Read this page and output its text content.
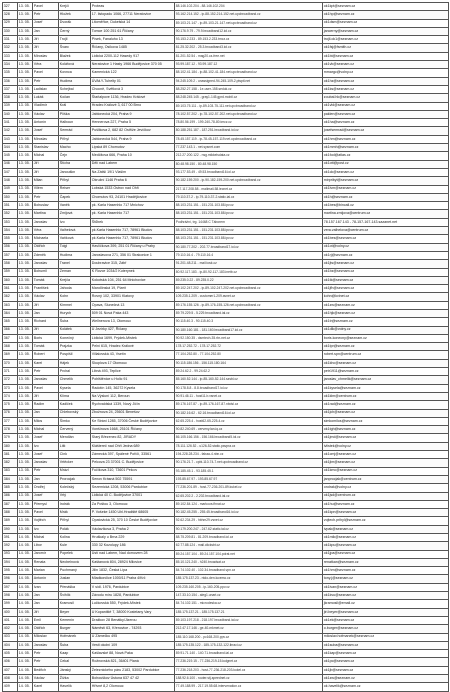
327	13. 05.	Pavel	Krejčí	Proteas	88.146.102.204 - 88.146.102.204	ok1kpt@seznam.cz	
328	13. 05.	Petr	Hložek	17. listopadu 1066, 27711 Neratovice	93.162.214.152 - ip-88-152-214-152.net.upcbroadband.cz	ok1hp@seznam.cz	
329	13. 05.	Josef	Dvorák	Litoměřice, Dukelská 14	89.103.21.147 - ip-89-103-21-147.net.upcbroadband.cz	ok1dsm@seznam.cz	
330	13. 05.	Jan	Černý	Tomce 100 251 61 Říčany	90.176.9.79 - 79.9.broadband12.iol.cz	jancerny@seznam.cz	
331	13. 05.	Jiří	Trojil	Písek, Fanaluho 13	93.153.2.233 - 89.153.2.233.tmcz.cz	trojil.ok1@seznam.cz	
332	13. 05.	Jiří	Švarc	Říčany, Osíkova 1485	81.25.32.202 - 25.3.broadband3.iol.cz	ok1fsj@fsmith.cz	
333	13. 05.	Miroslav	Blažek	Lidická 2200-112 Hasedy 917	81.201.52.54 - mag20.cz-free.net	ok1bi@seznam.cz	
334	13. 05.	Věra	Kolářová	Neratovice 1 Hasty 1966 Budějovice 370 05	93.99.187.12 - 93.99.187.12	ok1vk@seznam.cz	
335	13. 05.	Pavel	Kovnca	Kamenická 122	88.102.41.184 - ip-88-102-41-184.net.upcbroadband.cz	mmargc@volny.cz	
336	13. 05.	Petr	Hudima	ÚVAŁY-Tuhelty 01	94.245.109.2 - unassigned-94-245-109-2.ptsptl.net	ok1hz@seznam.cz	
337	13. 05.	Ladislav	Schejbal	Chocně, Světlová 3	88.252.27.158 - 1e-user-158.seduk.cz	ok1ks@seznam.cz	
338	13. 05.	Lukáš	Kočan	Štaňalpove 1136, Hradec Králové	88.248.245.145 - gray1-145.gprd.mobil.cz	zoubal.hk@seznam.cz	
339	13. 05.	Vladimír	Král	Hradec Králové 3, 617 00 Brno	89.103.75.111 - ip-89-103-75-111.net.upcbroadband.cz	ok1vld@seznam.cz	
340	13. 05.	Václav	Plíška	Jablonecká 204, Praha 9	78.102.57.202 - ip-78-102-57-202.net.upcbroadband.cz	paklen@seznam.cz	
341	13. 05.	Antonín	Halboun	Hennerova 227, Praha 5	78.80.56.199 - 199-240-78-80.tmcz.cz	ok1ha@seznam.cz	
342	13. 05.	Josef	Semrád	Pušlikova 2, 682 82 Ostříže Jevíčkov	80.188.251.187 - 187.251.broadband.iol.cz	josefsemrad@seznam.cz	
343	13. 05.	Miroslav	Příhyl	Jablonecká 544, Praha 9	78.45.157.119 - ip-78-45-157-119.net.upcbroadband.cz	ok1hm@seznam.cz	
344	13. 05.	Stanislav	Macho	Lipská 89 Chomutov	77.237.143.1 - net.sysnet.com	ok1mmh@seznam.cz	
345	13. 05.	Michal	Čejn	Medčitova 666, Praha 10	212.27.200.122 - nsg.mikkelsdata.cz	ok1fod@atlas.cz	
346	13. 05.	Jiří	Štícha	Dělí nad Labem	80.48.98.150 - 80.48.98.150	ok1ott@post.cz	
347	13. 05.	Jiří	Janouškn	Na Zátiší 19/1 Vlašim	93.177.53.49 - 49.53.broadband16.iol.cz	ok1ck@seznam.cz	
348	13. 05.	Milan	Příbyl	Okružní 1146 Praha 6	90.182.159.200 - ip-90-182-159-200.net.upcbroadband.cz	mirpribyl@seznam.cz	
349	13. 05.	Vilém	Reiser	Lobská 1533 Ostrov nad Ohří	217.117.208.58 - mailmail-58.lecnet.cz	ok1lvm@seznam.cz	
350	13. 05.	Petr	Čapek	Chomutov 93, 24101 Hradějčovice	79.110.37.2 - ip-79-110-37-2.static.ial.cz	ok1h@seznam.cz	
351	13. 05.	Bohuslav	Vaněk	pk. Karla Hasenhlo 717 Mnichov	88.103.231.151 - 151.231.103.88.ipv.cz	ok1bes@bincall.cz	
352	13. 05.	Martina	Zmijová	pk. Karla Hasenhlo 717	88.103.231.151 - 151.231.103.88.ipv.cz	martina.zmijova@centrum.cz	
353	13. 05.	Jaroslav	Ivo	Štůbek	Podhrážní, trg. 14468 C Táborem	78.157.167.143 - 78-157-167-143.sazanet.net	
354	13. 05.	Věra	Valhelová	pk.Karla Hasenhlo 717, 78961 Bludov	88.103.231.151 - 151.231.103.88.ipv.cz	vera.valhelova@centrum.cz	
355	13. 05.	Michaela	Vaňková	pk.Karla Hasenhlo 717, 78961 Bludov	88.103.231.151 - 151.231.103.88.ipv.cz	ok1bes@seznam.cz	
356	13. 05.	Oldřich	Toigl	Havlíčkova 399, 251 01 Říčany u Prahy	90.180.77.202 - 202.77.broadband17.iol.cz	ok1ot@volny.cz	
357	13. 05.	Zdeněk	Hudima	Jaroslavova 271, 356 01 Strakonice 1	79.110.16.4 - 79.110.16.4	ok1rj@seznam.cz	
358	13. 05.	Jaroslav	Tranel	Doubravice 315, Zábř	91.201.48.211 - mail.tosk.cz	ok1jts@seznam.cz	
359	13. 05.	Bohumil	Zeman	K Rovce 1034/2 Kuterynek	80.92.117.183 - ip-80-92-117-183.inetb.cz	ok1bz@seznam.cz	
360	13. 05.	Tomáš	Krejča	Kokotská 104, 251 64 Mnichovice	89.235.0.22 - 89.235.0.22	ok1tk@seznam.cz	
361	13. 05.	František	Jahoda	Mandlínská 19, Plzeň	89.102.247.202 - ip-89-102-247-202.net.upcbroadband.cz	ok1jfh@seznam.cz	
362	13. 05.	Václav	Kohn	Rovný 102, 33901 Klatovy	109.235.1.209 - customer1-209.avnet.cz	kohn@kvinet.cz	
363	13. 05.	Jiří	Kimmel	Opava, Slunečná 13	89.176.155.126 - ip-89-176-155-126.net.upcbroadband.cz	ok1zw@seznam.cz	
364	13. 05.	Jan	Hurych	509 01 Nová Paka 443	89.79.229.5 - 5.229.broadband.ial.cz	ok1hjk@seznam.cz	
365	13. 05.	Richard	Šuba	Wellnerova 13, Olomouc	90.115.40.3 - 90.115.40.3	ok1tr@seznam.cz	
366	13. 05.	Jiří	Kolátek	U Jezírky 427, Říčany	90.180.160.181 - 181.160.broadband17.iol.cz	ok1dlk@volny.cz	
367	13. 05.	Boris	Konečný	Lidická 1699, Frýdek-Místek	90.92.150.35 - dsmtech-35.rbr-net.cz	boris.konecny@seznam.cz	
368	13. 05.	Tomáš	Prajzka	Pelní 615, Hradec Králové	178.17.252.72 - 178.17.252.72	ok1tpr@seznam.cz	
369	13. 05.	Robert	Pospíšil	Villalovská 43, Vsetín	77.104.252.80 - 77.104.252.80	robert.spn@centrum.cz	
370	13. 05.	Karel	Hájek	Skuplova 17 Olomouc	90.115.186.156 - 156.115.180.164	ok1khc@seznam.cz	
371	13. 05.	Petr	Prchal	Libná 493, Teplice	89.24.62.2 - 99.24.62.2	petr1911@seznam.cz	
372	13. 05.	Jaroslav	Chmelík	Pohlštěnice u Holic 91	85.160.52.144 - ip-85-160-52-144.szsbl.cz	jaroslav_chmelik@seznam.cz	
373	13. 05.	Pavel	Kysela	Radotín 145, 36272 Kysela	90.178.8.8 - 8.8.broadband17.iol.cz	ok1kysela@seznam.cz	
374	13. 05.	Jiří	Klíma	Na Výsluní 112, Beroun	90.91.46.11 - host11.b.vsnet.cz	ok1klm@centrum.cz	
375	13. 05.	Radim	Kadlček	Rychvaldská 1339, Nový Jičín	89.176.167.87 - ip-89-176-167-87.nbdsl.cz	ok1rad@seznam.cz	
376	13. 05.	Jan	Chlebovský	Zbožnova 24, 25601 Benešov	90.182.16.62 - 62.16.broadband16.iol.cz	ok1jch@seznam.cz	
377	13. 05.	Milos	Šimko	Ke Stráni 1285, 37006 České Budějovice	62.65.225.4 - host62-65-225-4.cz	simkomilos@seznam.cz	
378	13. 05.	Michal	Červený	Vonšínova 1668, 25101 Říčany	90.82.240.69 - cerveny.lan.iq.cz	ok1tgh@seznam.cz	
379	13. 05.	Josef	Mendlán	Starý Březenec 82, JIRADY	86.105.166.156 - 156.166.broadband5.iol.cz	ok1jmd@seznam.cz	
380	13. 05.	Ivo	Lišt	Kláštereč nad Ohří Jedna 689	78.111.126.52 - u126-52.static.pavpra.cz	ivlistek@volny.cz	
381	13. 05.	Josef	Cink	Zámecká 397, Spálené Poříčí, 33561	194.228.28.234 - fabaa-4.nbn.cz	ok1cmj@seznam.cz	
382	13. 05.	Jaroslav	Vrtěcker	Pelcova 23 37001 C. Budějovice	90.176.21.7 - cpbi-110-74-7.net.upcbroadband.cz	ok1jim@seznam.cz	
383	13. 05.	Petr	Mrázl	Fučíkova 310, 73601 Pelcov	93.185.45.1 - 93.185.45.1	ok1kmc@seznam.cz	
384	13. 05.	Jan	Prorocjak	Senov Krásná 502 75591	193.85.67.97 - 193.85.67.97	janprocjak@centrum.cz	
385	13. 05.	Ondřej	Kolečský	Sezemická 1208, 53006 Pardubice	77.236.201.89 - host-77-236-201-89.kukel.cz	ondrak@volny.cz	
386	13. 05.	Josef	Vrtý	Lidická 40 C. Budějovice 37001	62.65.202.2 - 2.202.broadband.ial.cz	ok1jsd@centrum.cz	
387	13. 05.	Přemysl	Indrák	Za Poštou 3, Olomouc	89.102.84.124 - markova.fhnat.cz	ok1hu@seznam.cz	
388	13. 05.	Pavel	Mrák	P. Vošeke 1450 Uhl.Hradiště 68605	90.182.45.255 - 255.45.broadband16.iol.cz	ok1kpn@seznam.cz	
389	13. 05.	Vojtěch	Příhyl	Opatovická 25, 370 10 České Budějovice	92.62.234.29 - hbhm29.vsnet.cz	vojtech.prihyl@seznam.cz	
390	13. 05.	Ivo	Polák	Václavíkova 3, Praha 2	90.179.200.247 - 247.62.static.ial.cz	ivpak@seznam.cz	
391	14. 05.	Michal	Kolina	Hruškaly u Brna 229	88.75.209.81 - 81.209.broadband.iol.cz	ok1mik@seznam.cz	
392	14. 05.	Libor	Kule	330 32 Kozolupy 186	62.77.88.124 - mail.clicksbt.cz	ok1kpu@seznam.cz	
393	14. 05.	Jaromír	Popelek	Ústí nad Labem, Nad domovem 28	89.24.157.104 - 89.24.157.104.pdrat.net	ok1jpa@seznam.cz	
394	14. 05.	Renata	Necbelnová	Kaštanová 804, 28924 Milovice	85.10.121.240 - h240.broadsat.cz	renatkan@seznam.cz	
395	14. 05.	Marian	Puchmaný	Jilin 1832, Česká Lípa	84.74.102.40 - 102.34.broadband.vpn.cz	ok1hm@seznam.cz	
396	14. 05.	Antonín	Juslan	Mladkončice 1000/11 Praha 4/Krč	185.175.137.23 - ntdo-den.lucemo.cz	tony.j@seznam.cz	
397	14. 05.	Ivan	Přenáška	V sídl. 1976, Pardubice	109.235.160.205 - ip-160-205-ppv.cz	ok1ivan@seznam.cz	
398	14. 05.	Jan	Švihlík	Závodu míru 1828, Pardubice	147.33.10.154 - aleg1.unart.cz	ok1kvu@seznam.cz	
399	14. 05.	Jan	Kramosil	Lučkovská 550, Frýdek-Místek	84.74.102.151 - microdeska.cz	jkramosil@email.cz	
400	14. 05.	Jiří	Beyer	U Kopaniště 7, 38000 Kostelany Vary	185.175.137.21 - 185.175.137.21	jiri.beyer@seznam.cz	
401	14. 05.	Emil	Kemenín	Dražkov 28 Benátky/Jizerou	89.103.197.218 - 218.197.broadband.ial.cz	ok1ek@seznam.cz	
402	14. 05.	Oldřich	Burger	Náměstí 63, Křenovice - 74293	212.47.17.146 - ge-40-mkrnet.cz	o.burger@seznam.cz	
403	14. 05.	Miloslav	Hofmánek	U Zámečku 495	185.110.168.200 - pc168-200.ppv.cz	miloslav.hofmanek@seznam.cz	
404	14. 05.	Jaroslav	Šuba	Vesti okolní 109	185.175.135.122 - 185-175-132-122.ibraci.cz	ok1suba@seznam.cz	
405	14. 05.	Petr	Kaap	Kašlavské 88, Nová Paka	89.91.71.140 - 140.71.broadband.ial.cz	ok1kap@seznam.cz	
406	14. 05.	Petr	Cekal	Rožnovská 821, 36401 Planá	77.236.219.15 - 77-236-219-15.kulgnet.cz	ok1pc@seznam.cz	
407	14. 05.	Bedřich	Jánský	Železnického páru 2183, 53002 Pardubice	77.236.218.203 - host-77-236-218-203.kukel.cz	ok1jb@seznam.cz	
408	14. 05.	Václav	Žížka	Bohouškov Ústuna 637 47 42	188.92.6.100 - router.stj-speednet.cz	ok1zw@seznam.cz	
409	14. 05.	Karel	Havelík	Hřivné 8,2 Olomouc	77.49.188.99 - 217.19.55.68.intervenation.cz	ok.havelik@seznam.cz	
